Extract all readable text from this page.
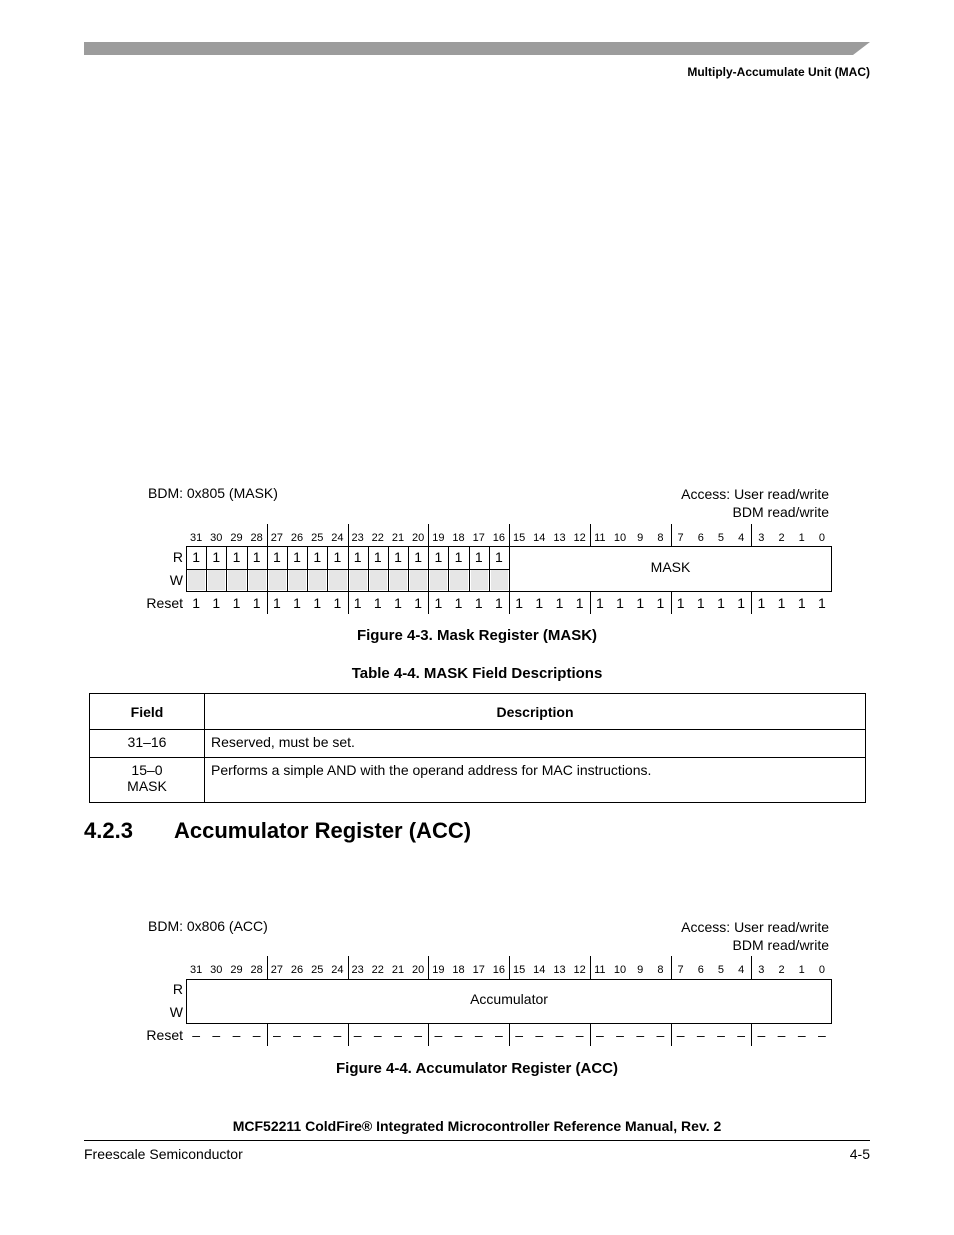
Multiply-Accumulate Unit (MAC)
BDM: 0x805 (MASK)	Access: User read/write
BDM read/write
31 30 29 28 27 26 25 24 23 22 21 20 19 18 17 16 15 14 13 12 11 10	9	8	7	6	5	4	3	2	1	0
R
W
1 1 1 1 1 1 1 1 1 1 1 1 1 1 1 1
MASK
Reset 1 1 1 1 1 1 1 1 1 1 1 1 1 1 1 1 1 1 1 1 1 1 1 1 1 1 1 1 1 1 1 1
Figure 4-3. Mask Register (MASK)
Table 4-4. MASK Field Descriptions
Field	Description

31–16	Reserved, must be set.

15–0
MASK	Performs a simple AND with the operand address for MAC instructions.
4.2.3 Accumulator Register (ACC)
BDM: 0x806 (ACC)	Access: User read/write
BDM read/write
31 30 29 28 27 26 25 24 23 22 21 20 19 18 17 16 15 14 13 12 11 10	9	8	7	6	5	4	3	2	1	0
R
W
Accumulator
Reset – – – – – – – – – – – – – – – – – – – – – – – – – – – – – – – –
Figure 4-4. Accumulator Register (ACC)
MCF52211 ColdFire® Integrated Microcontroller Reference Manual, Rev. 2
Freescale Semiconductor	4-5
